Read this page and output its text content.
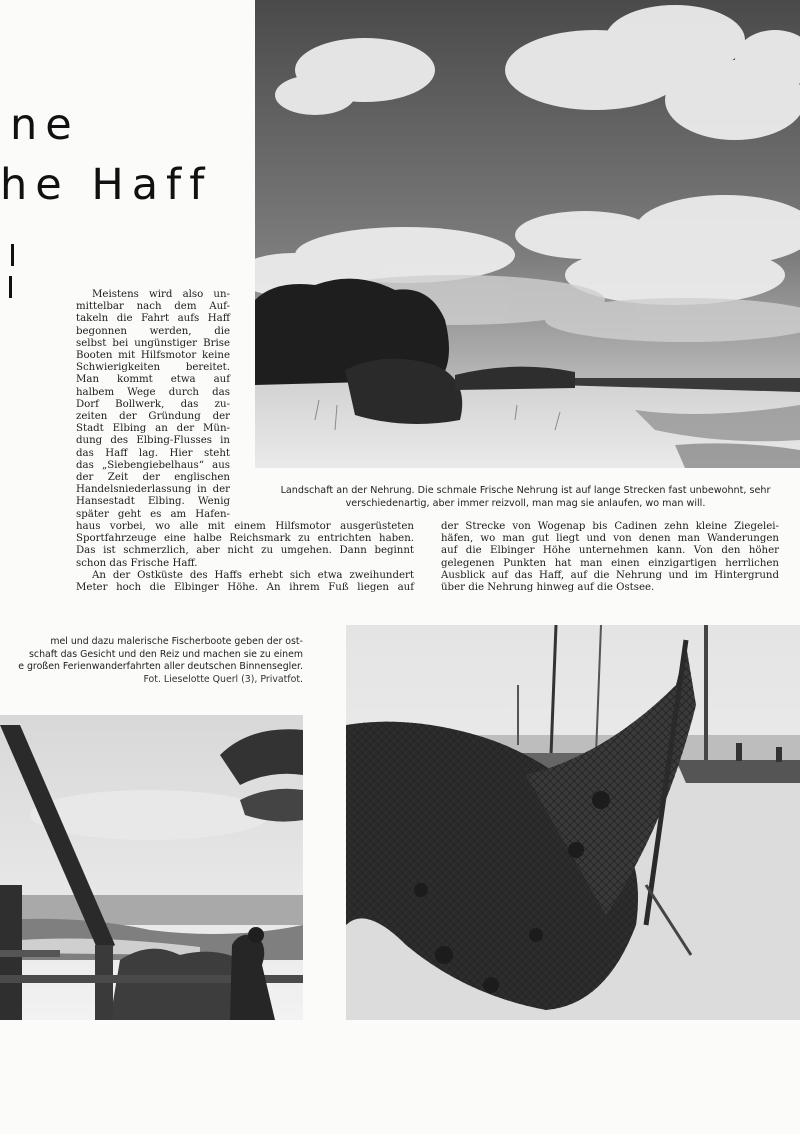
ne
he Haff
Landschaft an der Nehrung. Die schmale Frische Nehrung ist auf lange Strecken fast unbewohnt, sehr
verschiedenartig, aber immer reizvoll, man mag sie anlaufen, wo man will.
Meistens wird also un-
mittelbar nach dem Auf-
takeln die Fahrt aufs Haff
begonnen werden, die
selbst bei ungünstiger Brise
Booten mit Hilfsmotor keine
Schwierigkeiten bereitet.
Man kommt etwa auf
halbem Wege durch das
Dorf Bollwerk, das zu-
zeiten der Gründung der
Stadt Elbing an der Mün-
dung des Elbing-Flusses in
das Haff lag. Hier steht
das „Siebengiebelhaus“ aus
der Zeit der englischen
Handelsniederlassung in der
Hansestadt Elbing. Wenig
später geht es am Hafen-
haus vorbei, wo alle mit einem Hilfsmotor ausgerüsteten
Sportfahrzeuge eine halbe Reichsmark zu entrichten haben.
Das ist schmerzlich, aber nicht zu umgehen. Dann beginnt
schon das Frische Haff.
An der Ostküste des Haffs erhebt sich etwa zweihundert
Meter hoch die Elbinger Höhe. An ihrem Fuß liegen auf
der Strecke von Wogenap bis Cadinen zehn kleine Ziegelei-
häfen, wo man gut liegt und von denen man Wanderungen
auf die Elbinger Höhe unternehmen kann. Von den höher
gelegenen Punkten hat man einen einzigartigen herrlichen
Ausblick auf das Haff, auf die Nehrung und im Hintergrund
über die Nehrung hinweg auf die Ostsee.
mel und dazu malerische Fischerboote geben der ost-
schaft das Gesicht und den Reiz und machen sie zu einem
e großen Ferienwanderfahrten aller deutschen Binnensegler.
Fot. Lieselotte Querl (3), Privatfot.
